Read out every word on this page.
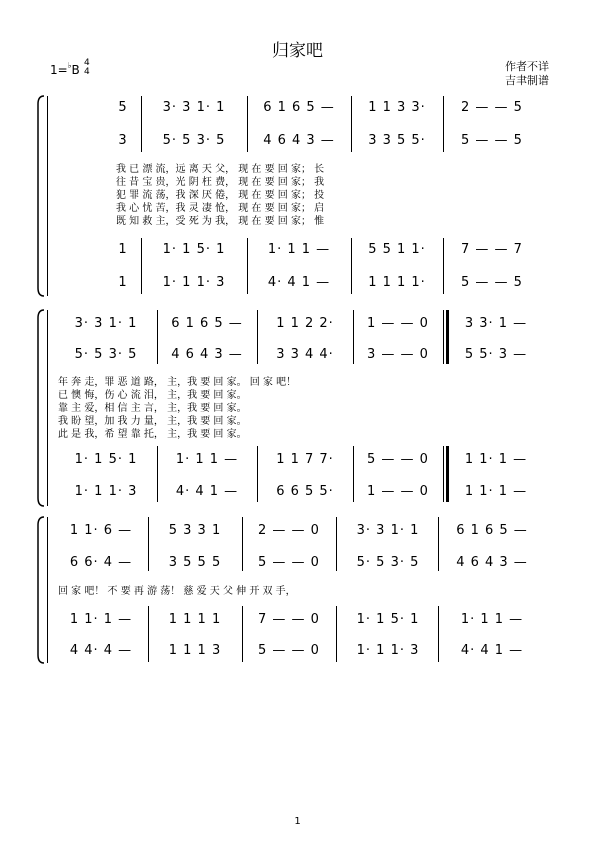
归家吧
1=♭B 4
4	作者不详
吉聿制谱
5	3· 3 1· 1	6 1 6 5 —	1 1 3 3·	2 — — 5
3	5· 5 3· 5	4 6 4 3 —	3 3 5 5·	5 — — 5
我 已 漂 流，远 离 天 父， 现 在 要 回 家； 长
往 昔 宝 贵，光 阴 枉 费， 现 在 要 回 家； 我
犯 罪 流 荡，我 深 厌 倦， 现 在 要 回 家； 投
我 心 忧 苦，我 灵 凄 怆， 现 在 要 回 家； 启
既 知 救 主，受 死 为 我， 现 在 要 回 家； 惟
1	1· 1 5· 1	1· 1 1 —	5 5 1 1·	7 — — 7
1	1· 1 1· 3	4· 4 1 —	1 1 1 1·	5 — — 5
3· 3 1· 1	6 1 6 5 —	1 1 2 2·	1 — — 0	3 3· 1 —
5· 5 3· 5	4 6 4 3 —	3 3 4 4·	3 — — 0	5 5· 3 —
年 奔 走，罪 恶 道 路， 主，我 要 回 家。 回 家 吧！
已 懊 悔，伤 心 流 泪， 主，我 要 回 家。
靠 主 爱，相 信 主 言， 主，我 要 回 家。
我 盼 望，加 我 力 量， 主，我 要 回 家。
此 是 我，希 望 靠 托， 主，我 要 回 家。
1· 1 5· 1	1· 1 1 —	1 1 7 7·	5 — — 0	1 1· 1 —
1· 1 1· 3	4· 4 1 —	6 6 5 5·	1 — — 0	1 1· 1 —
1 1· 6 —	5 3 3 1	2 — — 0	3· 3 1· 1	6 1 6 5 —
6 6· 4 —	3 5 5 5	5 — — 0	5· 5 3· 5	4 6 4 3 —
回 家 吧！ 不 要 再 游 荡！ 慈 爱 天 父 伸 开 双 手，
1 1· 1 —	1 1 1 1	7 — — 0	1· 1 5· 1	1· 1 1 —
4 4· 4 —	1 1 1 3	5 — — 0	1· 1 1· 3	4· 4 1 —
1
